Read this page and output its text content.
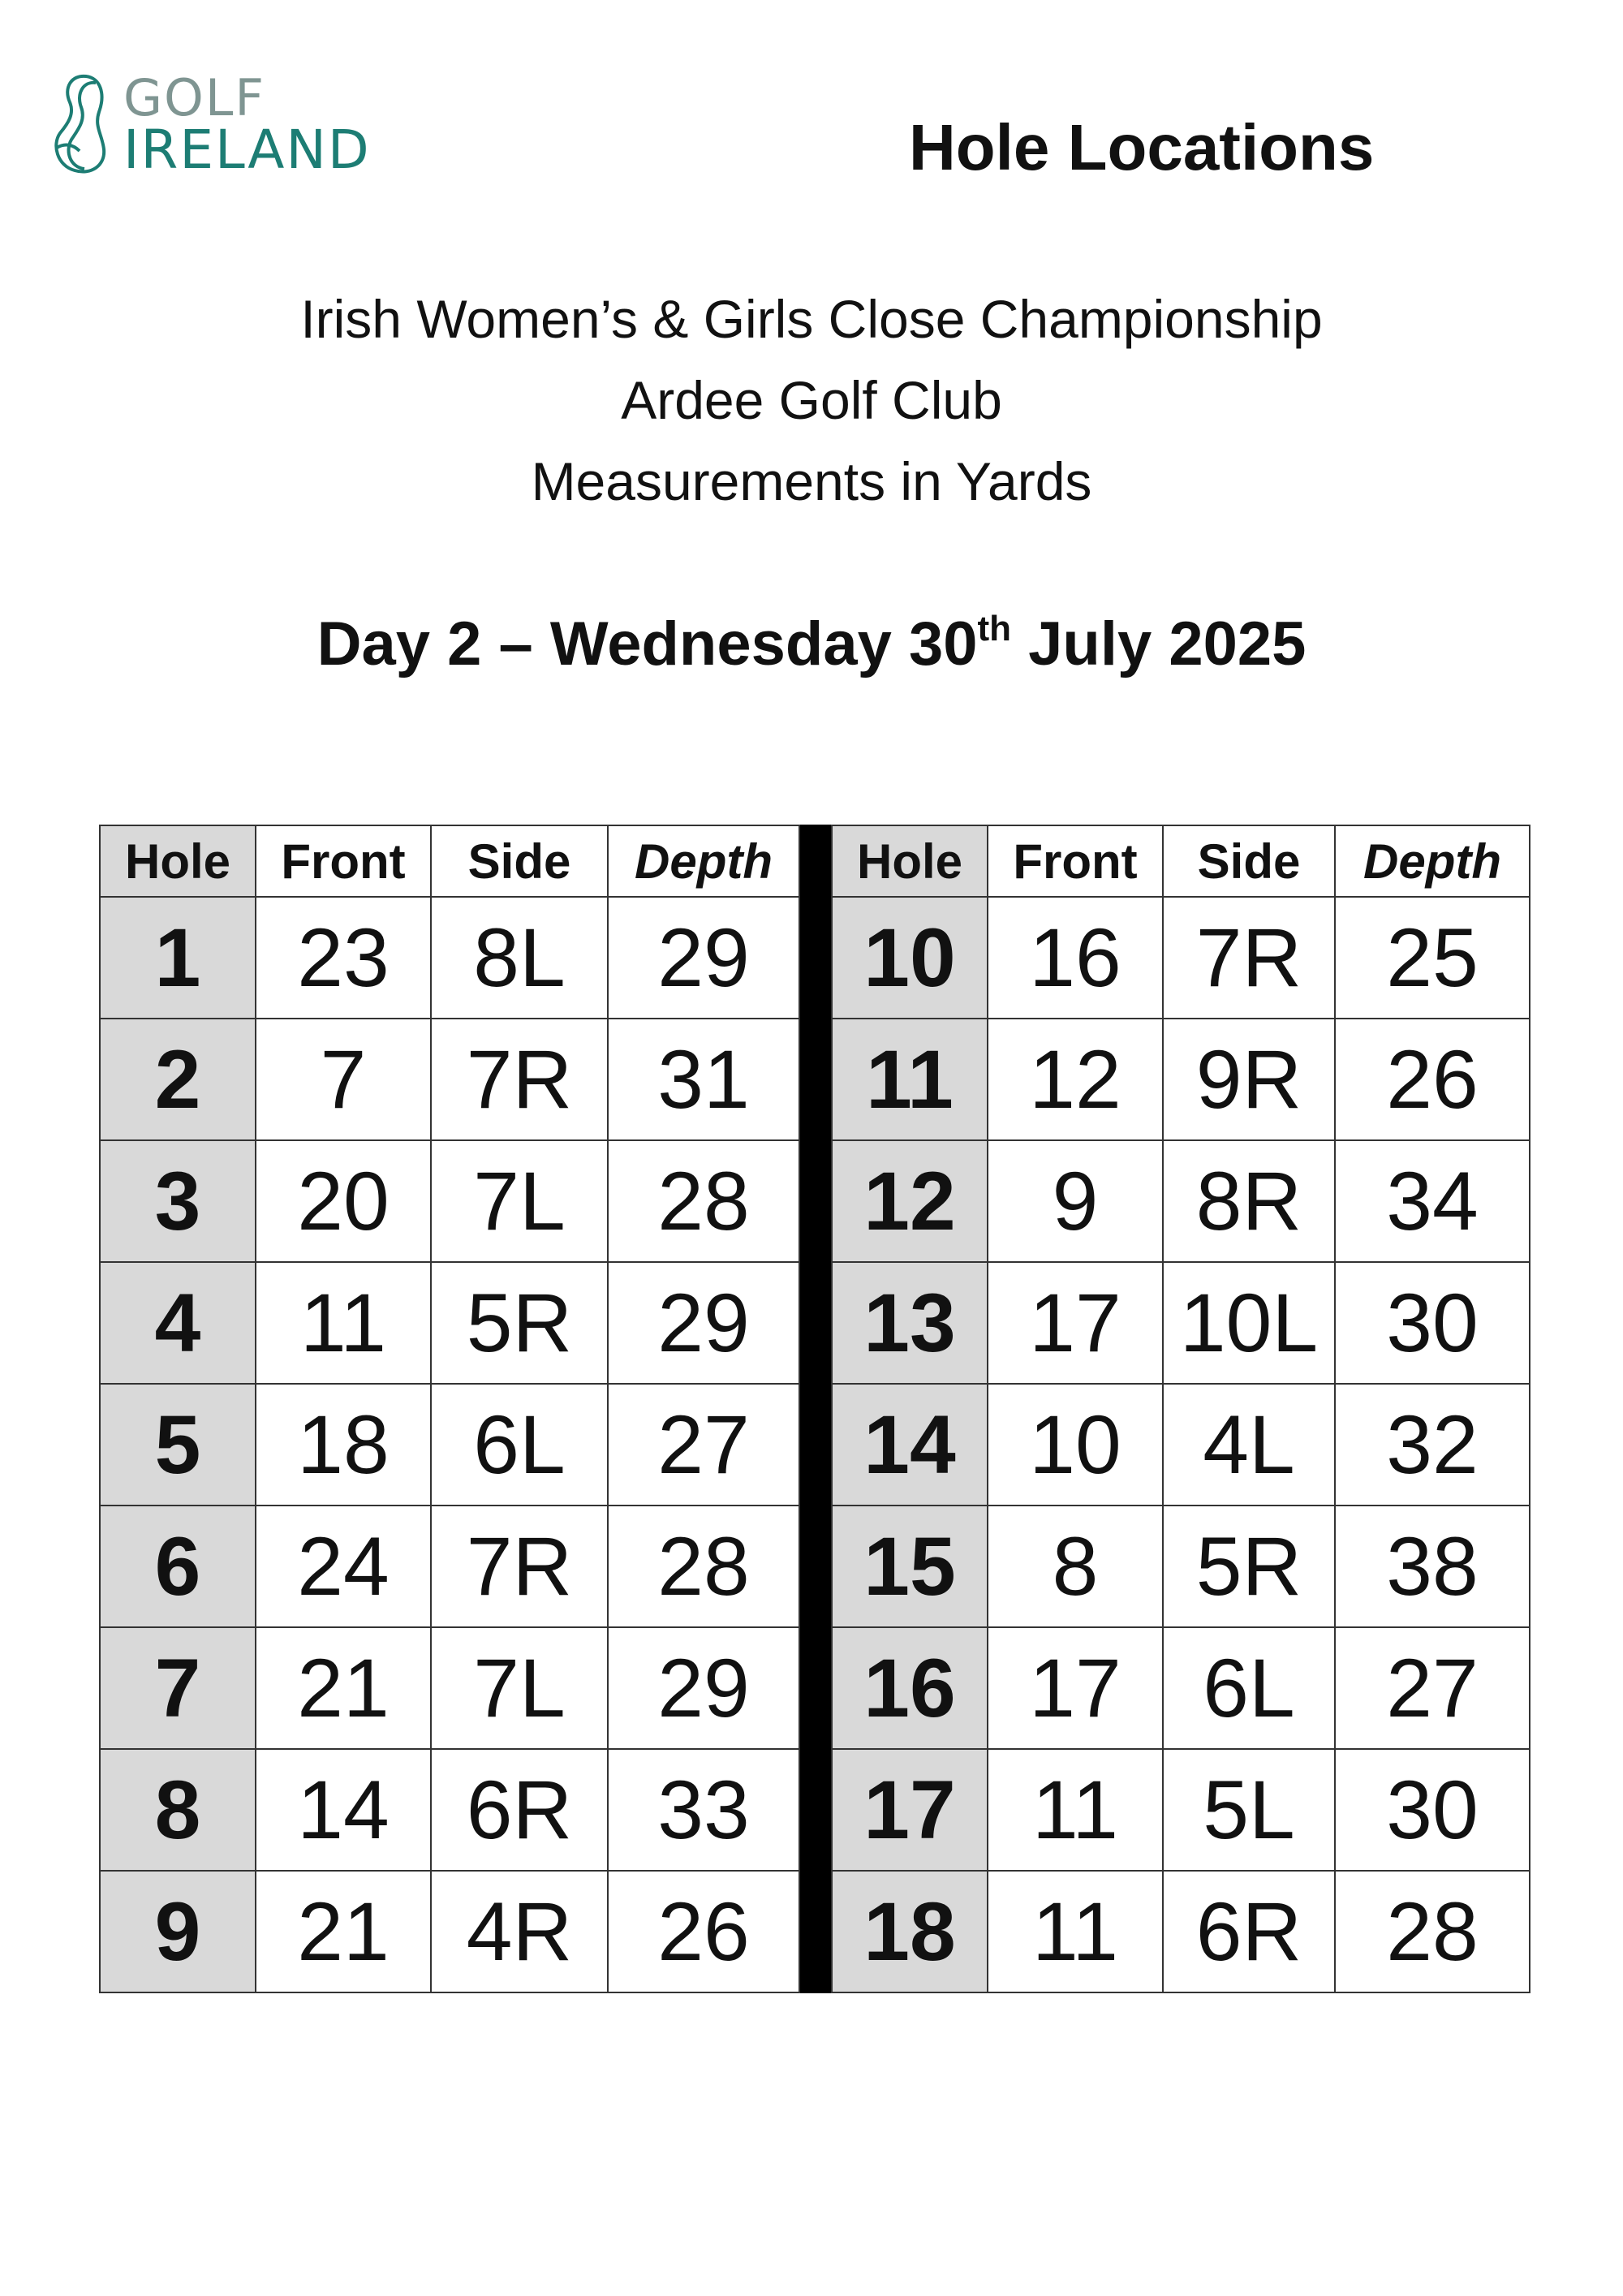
GOLF
IRELAND	Hole Locations
Irish Women’s & Girls Close Championship
Ardee Golf Club
Measurements in Yards
Day 2 – Wednesday 30th July 2025
Hole	Front	Side	Depth
1	23	8L	29
2	7	7R	31
3	20	7L	28
4	11	5R	29
5	18	6L	27
6	24	7R	28
7	21	7L	29
8	14	6R	33
9	21	4R	26
Hole	Front	Side	Depth
10	16	7R	25
11	12	9R	26
12	9	8R	34
13	17	10L	30
14	10	4L	32
15	8	5R	38
16	17	6L	27
17	11	5L	30
18	11	6R	28
